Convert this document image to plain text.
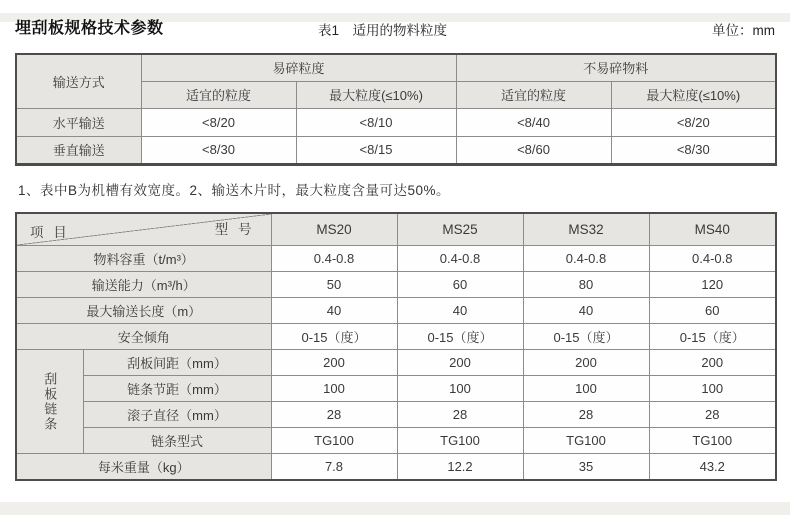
埋刮板规格技术参数	表1　适用的物料粒度	单位：mm
输送方式	易碎粒度		不易碎物料	
	适宜的粒度	最大粒度(≤10%)	适宜的粒度	最大粒度(≤10%)
水平输送	<8/20	<8/10	<8/40	<8/20
垂直输送	<8/30	<8/15	<8/60	<8/30
1、表中B为机槽有效宽度。2、输送木片时，最大粒度含量可达50%。
项 目 型 号		MS20	MS25	MS32	MS40
物料容重（t/m³）		0.4-0.8	0.4-0.8	0.4-0.8	0.4-0.8
输送能力（m³/h）		50	60	80	120
最大输送长度（m）		40	40	40	60
安全倾角		0-15（度）	0-15（度）	0-15（度）	0-15（度）
刮板链条	刮板间距（mm）	200	200	200	200
	链条节距（mm）	100	100	100	100
	滚子直径（mm）	28	28	28	28
	链条型式	TG100	TG100	TG100	TG100
每米重量（kg）		7.8	12.2	35	43.2
